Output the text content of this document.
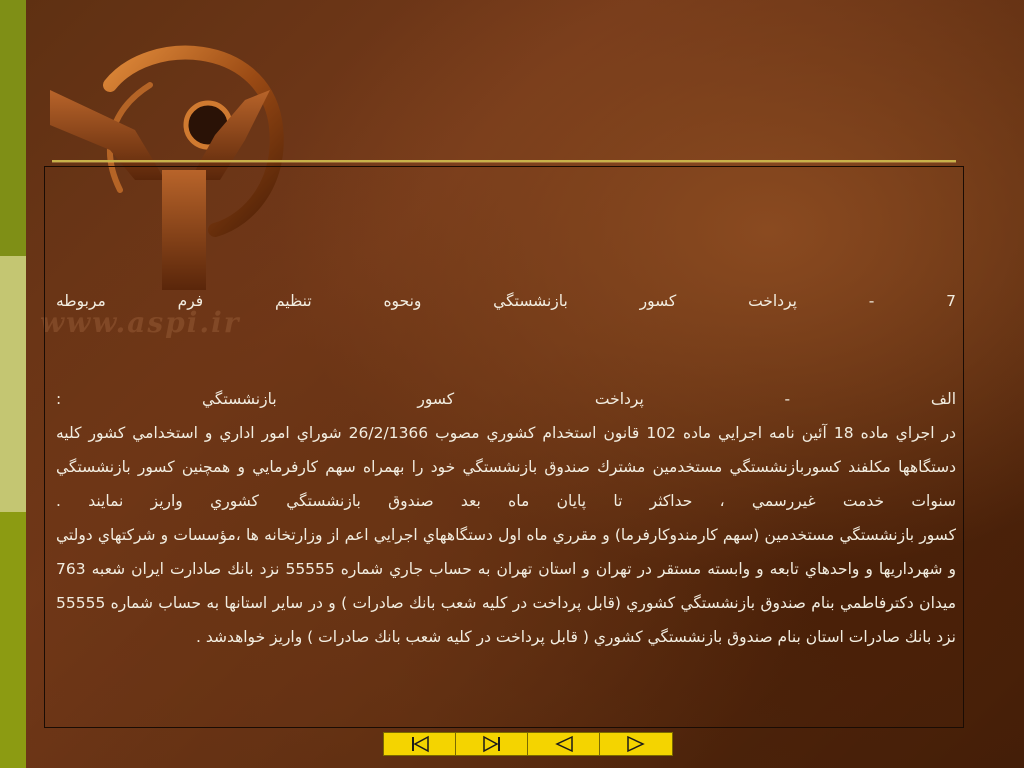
www.aspi.ir

7 - پرداخت كسور بازنشستگي ونحوه تنظيم فرم مربوطه

الف - پرداخت كسور بازنشستگي :

در اجراي ماده 18 آئين نامه اجرايي ماده 102 قانون استخدام كشوري مصوب 26/2/1366 شوراي امور اداري و استخدامي كشور كليه دستگاهها مكلفند كسوربازنشستگي مستخدمين مشترك صندوق بازنشستگي خود را بهمراه سهم كارفرمايي و همچنين كسور بازنشستگي سنوات خدمت غيررسمي ، حداكثر تا پايان ماه بعد صندوق بازنشستگي كشوري واريز نمايند .

كسور بازنشستگي مستخدمين (سهم كارمندوكارفرما) و مقرري ماه اول دستگاههاي اجرايي اعم از وزارتخانه ها ،مؤسسات و شركتهاي دولتي و شهرداريها و واحدهاي تابعه و وابسته مستقر در تهران و استان تهران به حساب جاري شماره 55555 نزد بانك صادارت ايران شعبه 763 ميدان دكترفاطمي بنام صندوق بازنشستگي كشوري (قابل پرداخت در كليه شعب بانك صادرات ) و در ساير استانها به حساب شماره 55555 نزد بانك صادرات استان بنام صندوق بازنشستگي كشوري ( قابل پرداخت در كليه شعب بانك صادرات ) واريز خواهدشد .
